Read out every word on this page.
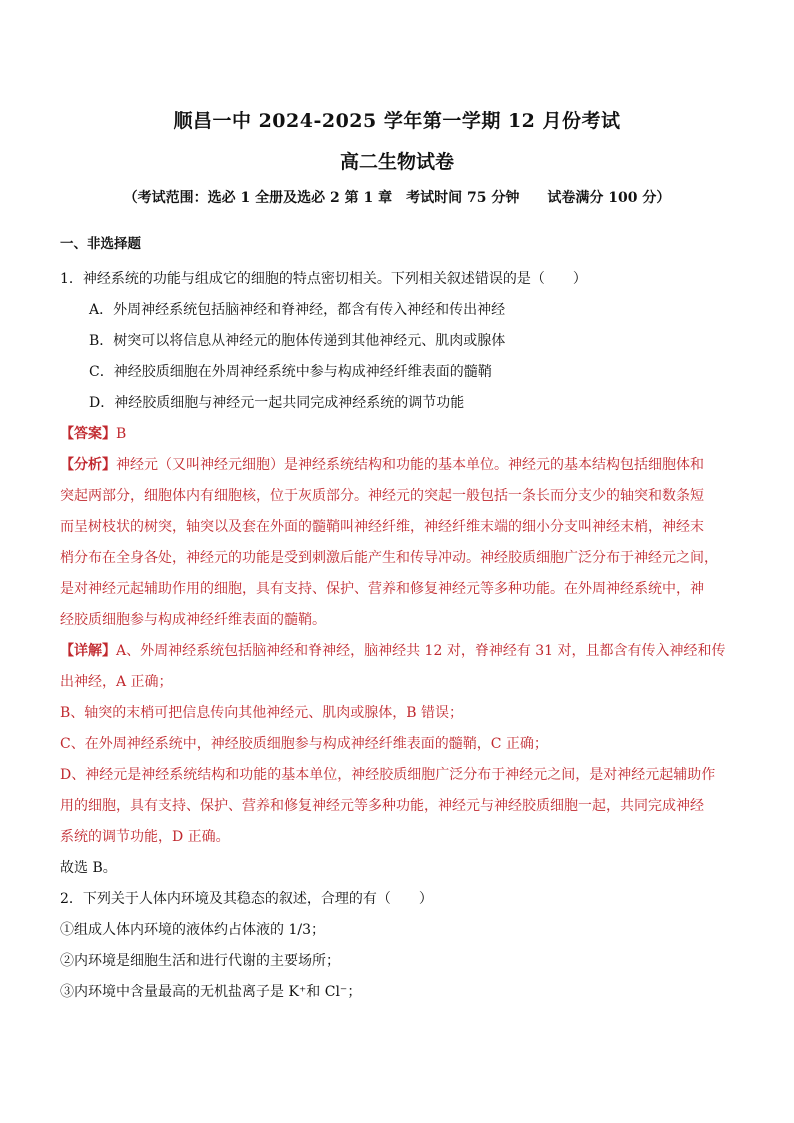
顺昌一中 2024-2025 学年第一学期 12 月份考试
高二生物试卷
（考试范围：选必 1 全册及选必 2 第 1 章　考试时间 75 分钟　　试卷满分 100 分）
一、非选择题
1．神经系统的功能与组成它的细胞的特点密切相关。下列相关叙述错误的是（　　）
A．外周神经系统包括脑神经和脊神经，都含有传入神经和传出神经
B．树突可以将信息从神经元的胞体传递到其他神经元、肌肉或腺体
C．神经胶质细胞在外周神经系统中参与构成神经纤维表面的髓鞘
D．神经胶质细胞与神经元一起共同完成神经系统的调节功能
【答案】B
【分析】神经元（又叫神经元细胞）是神经系统结构和功能的基本单位。神经元的基本结构包括细胞体和
突起两部分，细胞体内有细胞核，位于灰质部分。神经元的突起一般包括一条长而分支少的轴突和数条短
而呈树枝状的树突，轴突以及套在外面的髓鞘叫神经纤维，神经纤维末端的细小分支叫神经末梢，神经末
梢分布在全身各处，神经元的功能是受到刺激后能产生和传导冲动。神经胶质细胞广泛分布于神经元之间，
是对神经元起辅助作用的细胞，具有支持、保护、营养和修复神经元等多种功能。在外周神经系统中，神
经胶质细胞参与构成神经纤维表面的髓鞘。
【详解】A、外周神经系统包括脑神经和脊神经，脑神经共 12 对，脊神经有 31 对，且都含有传入神经和传
出神经，A 正确；
B、轴突的末梢可把信息传向其他神经元、肌肉或腺体，B 错误；
C、在外周神经系统中，神经胶质细胞参与构成神经纤维表面的髓鞘，C 正确；
D、神经元是神经系统结构和功能的基本单位，神经胶质细胞广泛分布于神经元之间，是对神经元起辅助作
用的细胞，具有支持、保护、营养和修复神经元等多种功能，神经元与神经胶质细胞一起，共同完成神经
系统的调节功能，D 正确。
故选 B。
2．下列关于人体内环境及其稳态的叙述，合理的有（　　）
①组成人体内环境的液体约占体液的 1/3；
②内环境是细胞生活和进行代谢的主要场所；
③内环境中含量最高的无机盐离子是 K⁺和 Cl⁻；
